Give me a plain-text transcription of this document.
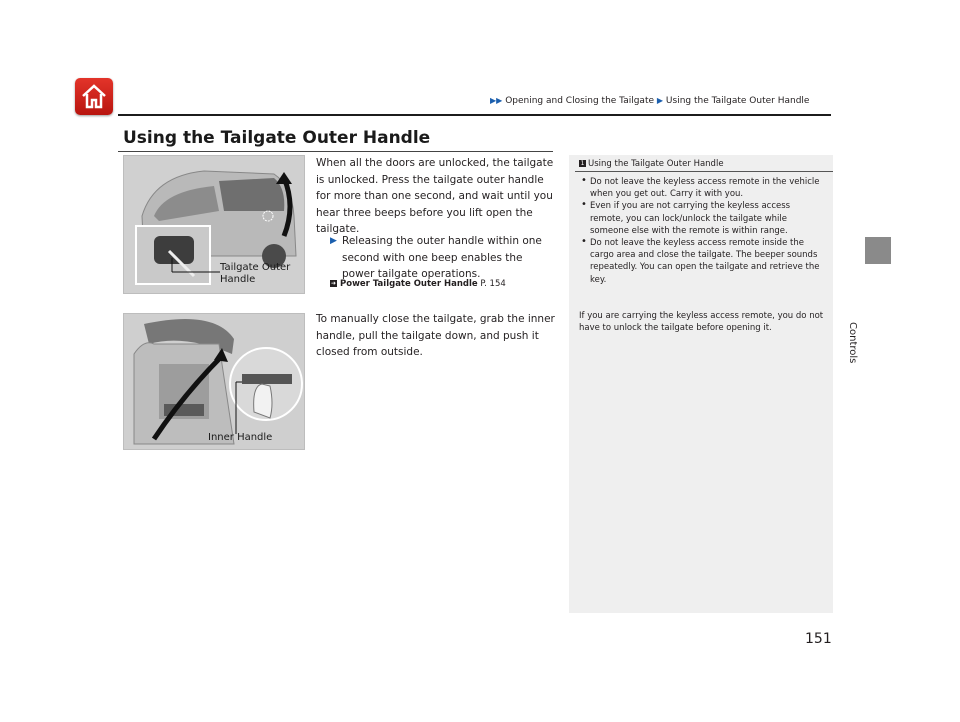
▶▶ Opening and Closing the Tailgate ▶ Using the Tailgate Outer Handle
Using the Tailgate Outer Handle
Tailgate Outer Handle
When all the doors are unlocked, the tailgate is unlocked. Press the tailgate outer handle for more than one second, and wait until you hear three beeps before you lift open the tailgate.
▶ Releasing the outer handle within one second with one beep enables the power tailgate operations.
➜ Power Tailgate Outer Handle P. 154
To manually close the tailgate, grab the inner handle, pull the tailgate down, and push it closed from outside.
Inner Handle
1 Using the Tailgate Outer Handle
• Do not leave the keyless access remote in the vehicle when you get out. Carry it with you.
• Even if you are not carrying the keyless access remote, you can lock/unlock the tailgate while someone else with the remote is within range.
• Do not leave the keyless access remote inside the cargo area and close the tailgate. The beeper sounds repeatedly. You can open the tailgate and retrieve the key.
If you are carrying the keyless access remote, you do not have to unlock the tailgate before opening it.	Controls
151
